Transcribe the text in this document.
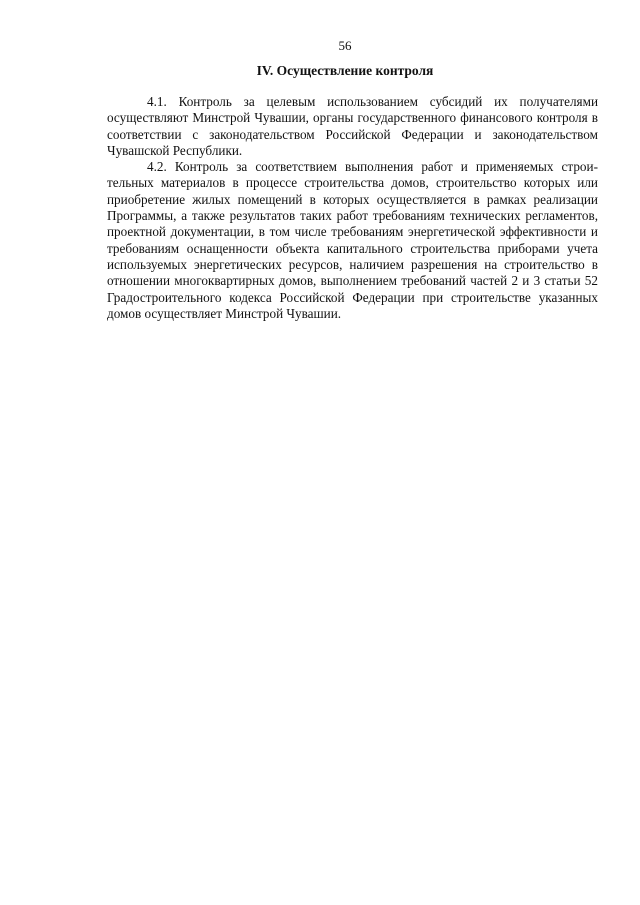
56
IV. Осуществление контроля

4.1. Контроль за целевым использованием субсидий их получателями осуществляют Минстрой Чувашии, органы государственного финансового контроля в соответствии с законодательством Российской Федерации и законодательством Чувашской Республики.

4.2. Контроль за соответствием выполнения работ и применяемых строительных материалов в процессе строительства домов, строительство которых или приобретение жилых помещений в которых осуществляется в рамках реализации Программы, а также результатов таких работ требованиям технических регламентов, проектной документации, в том числе требованиям энергетической эффективности и требованиям оснащенности объекта капитального строительства приборами учета используемых энергетических ресурсов, наличием разрешения на строительство в отношении многоквартирных домов, выполнением требований частей 2 и 3 статьи 52 Градостроительного кодекса Российской Федерации при строительстве указанных домов осуществляет Минстрой Чувашии.
